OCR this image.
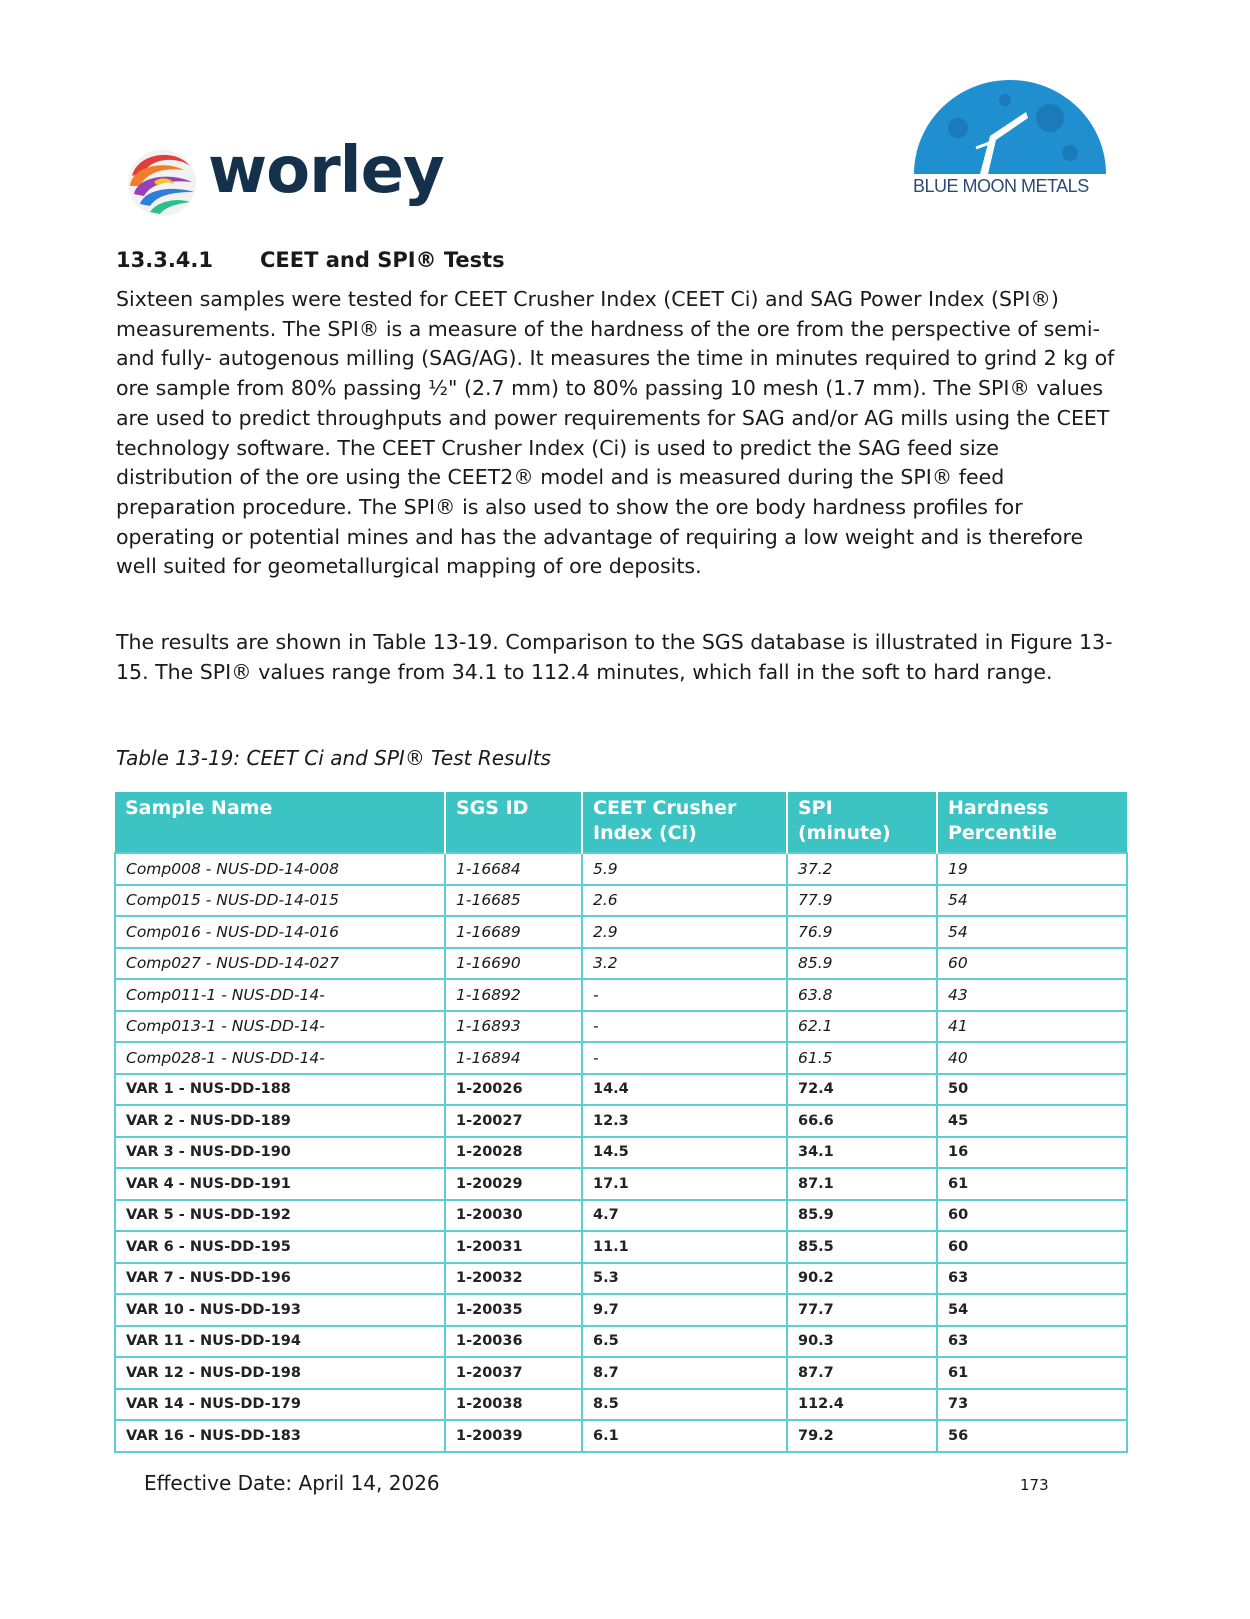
worley	BLUE MOON METALS
13.3.4.1 CEET and SPI® Tests

Sixteen samples were tested for CEET Crusher Index (CEET Ci) and SAG Power Index (SPI®) measurements. The SPI® is a measure of the hardness of the ore from the perspective of semi- and fully- autogenous milling (SAG/AG). It measures the time in minutes required to grind 2 kg of ore sample from 80% passing ½" (2.7 mm) to 80% passing 10 mesh (1.7 mm). The SPI® values are used to predict throughputs and power requirements for SAG and/or AG mills using the CEET technology software. The CEET Crusher Index (Ci) is used to predict the SAG feed size distribution of the ore using the CEET2® model and is measured during the SPI® feed preparation procedure. The SPI® is also used to show the ore body hardness profiles for operating or potential mines and has the advantage of requiring a low weight and is therefore well suited for geometallurgical mapping of ore deposits.

The results are shown in Table 13-19. Comparison to the SGS database is illustrated in Figure 13-15. The SPI® values range from 34.1 to 112.4 minutes, which fall in the soft to hard range.

Table 13-19: CEET Ci and SPI® Test Results
Sample Name	SGS ID	CEET Crusher Index (Ci)	SPI (minute)	Hardness Percentile
Comp008 - NUS-DD-14-008	1-16684	5.9	37.2	19
Comp015 - NUS-DD-14-015	1-16685	2.6	77.9	54
Comp016 - NUS-DD-14-016	1-16689	2.9	76.9	54
Comp027 - NUS-DD-14-027	1-16690	3.2	85.9	60
Comp011-1 - NUS-DD-14-	1-16892	-	63.8	43
Comp013-1 - NUS-DD-14-	1-16893	-	62.1	41
Comp028-1 - NUS-DD-14-	1-16894	-	61.5	40
VAR 1 - NUS-DD-188	1-20026	14.4	72.4	50
VAR 2 - NUS-DD-189	1-20027	12.3	66.6	45
VAR 3 - NUS-DD-190	1-20028	14.5	34.1	16
VAR 4 - NUS-DD-191	1-20029	17.1	87.1	61
VAR 5 - NUS-DD-192	1-20030	4.7	85.9	60
VAR 6 - NUS-DD-195	1-20031	11.1	85.5	60
VAR 7 - NUS-DD-196	1-20032	5.3	90.2	63
VAR 10 - NUS-DD-193	1-20035	9.7	77.7	54
VAR 11 - NUS-DD-194	1-20036	6.5	90.3	63
VAR 12 - NUS-DD-198	1-20037	8.7	87.7	61
VAR 14 - NUS-DD-179	1-20038	8.5	112.4	73
VAR 16 - NUS-DD-183	1-20039	6.1	79.2	56
Effective Date: April 14, 2026	173
